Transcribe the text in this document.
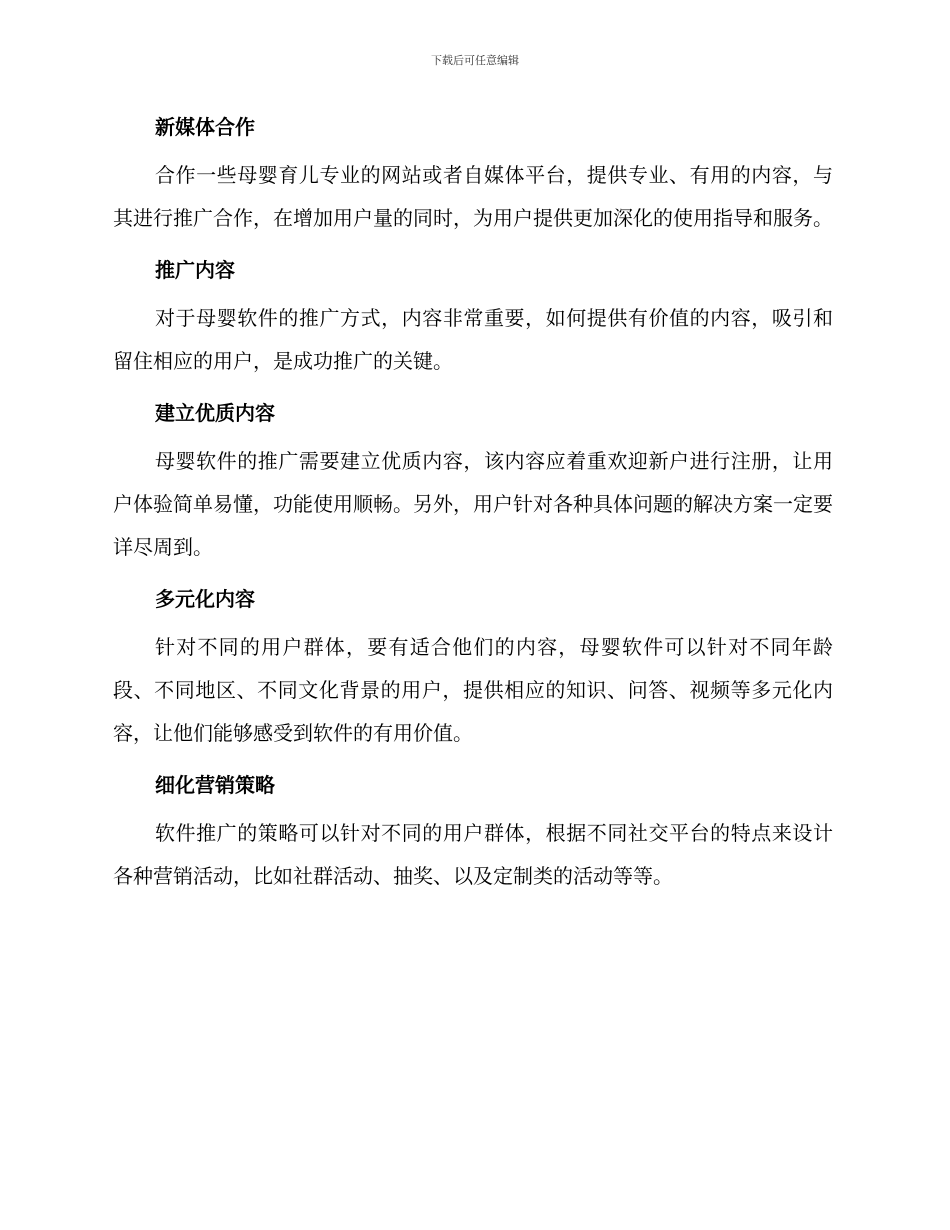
下载后可任意编辑
新媒体合作

合作一些母婴育儿专业的网站或者自媒体平台，提供专业、有用的内容，与其进行推广合作，在增加用户量的同时，为用户提供更加深化的使用指导和服务。

推广内容

对于母婴软件的推广方式，内容非常重要，如何提供有价值的内容，吸引和留住相应的用户，是成功推广的关键。

建立优质内容

母婴软件的推广需要建立优质内容，该内容应着重欢迎新户进行注册，让用户体验简单易懂，功能使用顺畅。另外，用户针对各种具体问题的解决方案一定要详尽周到。

多元化内容

针对不同的用户群体，要有适合他们的内容，母婴软件可以针对不同年龄段、不同地区、不同文化背景的用户，提供相应的知识、问答、视频等多元化内容，让他们能够感受到软件的有用价值。

细化营销策略

软件推广的策略可以针对不同的用户群体，根据不同社交平台的特点来设计各种营销活动，比如社群活动、抽奖、以及定制类的活动等等。
